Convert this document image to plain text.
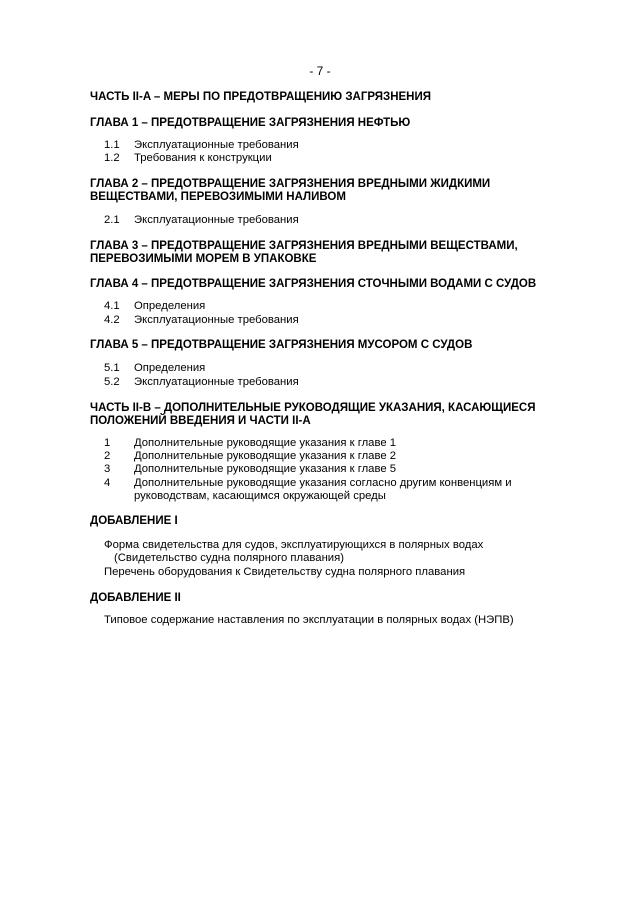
- 7 -
ЧАСТЬ II-A – МЕРЫ ПО ПРЕДОТВРАЩЕНИЮ ЗАГРЯЗНЕНИЯ
ГЛАВА 1 – ПРЕДОТВРАЩЕНИЕ ЗАГРЯЗНЕНИЯ НЕФТЬЮ
1.1 Эксплуатационные требования
1.2 Требования к конструкции
ГЛАВА 2 – ПРЕДОТВРАЩЕНИЕ ЗАГРЯЗНЕНИЯ ВРЕДНЫМИ ЖИДКИМИ
ВЕЩЕСТВАМИ, ПЕРЕВОЗИМЫМИ НАЛИВОМ
2.1 Эксплуатационные требования
ГЛАВА 3 – ПРЕДОТВРАЩЕНИЕ ЗАГРЯЗНЕНИЯ ВРЕДНЫМИ ВЕЩЕСТВАМИ,
ПЕРЕВОЗИМЫМИ МОРЕМ В УПАКОВКЕ
ГЛАВА 4 – ПРЕДОТВРАЩЕНИЕ ЗАГРЯЗНЕНИЯ СТОЧНЫМИ ВОДАМИ С СУДОВ
4.1 Определения
4.2 Эксплуатационные требования
ГЛАВА 5 – ПРЕДОТВРАЩЕНИЕ ЗАГРЯЗНЕНИЯ МУСОРОМ С СУДОВ
5.1 Определения
5.2 Эксплуатационные требования
ЧАСТЬ II-B – ДОПОЛНИТЕЛЬНЫЕ РУКОВОДЯЩИЕ УКАЗАНИЯ, КАСАЮЩИЕСЯ
ПОЛОЖЕНИЙ ВВЕДЕНИЯ И ЧАСТИ II-A
1 Дополнительные руководящие указания к главе 1
2 Дополнительные руководящие указания к главе 2
3 Дополнительные руководящие указания к главе 5
4 Дополнительные руководящие указания согласно другим конвенциям и
руководствам, касающимся окружающей среды
ДОБАВЛЕНИЕ I
Форма свидетельства для судов, эксплуатирующихся в полярных водах
(Свидетельство судна полярного плавания)
Перечень оборудования к Свидетельству судна полярного плавания
ДОБАВЛЕНИЕ II
Типовое содержание наставления по эксплуатации в полярных водах (НЭПВ)
